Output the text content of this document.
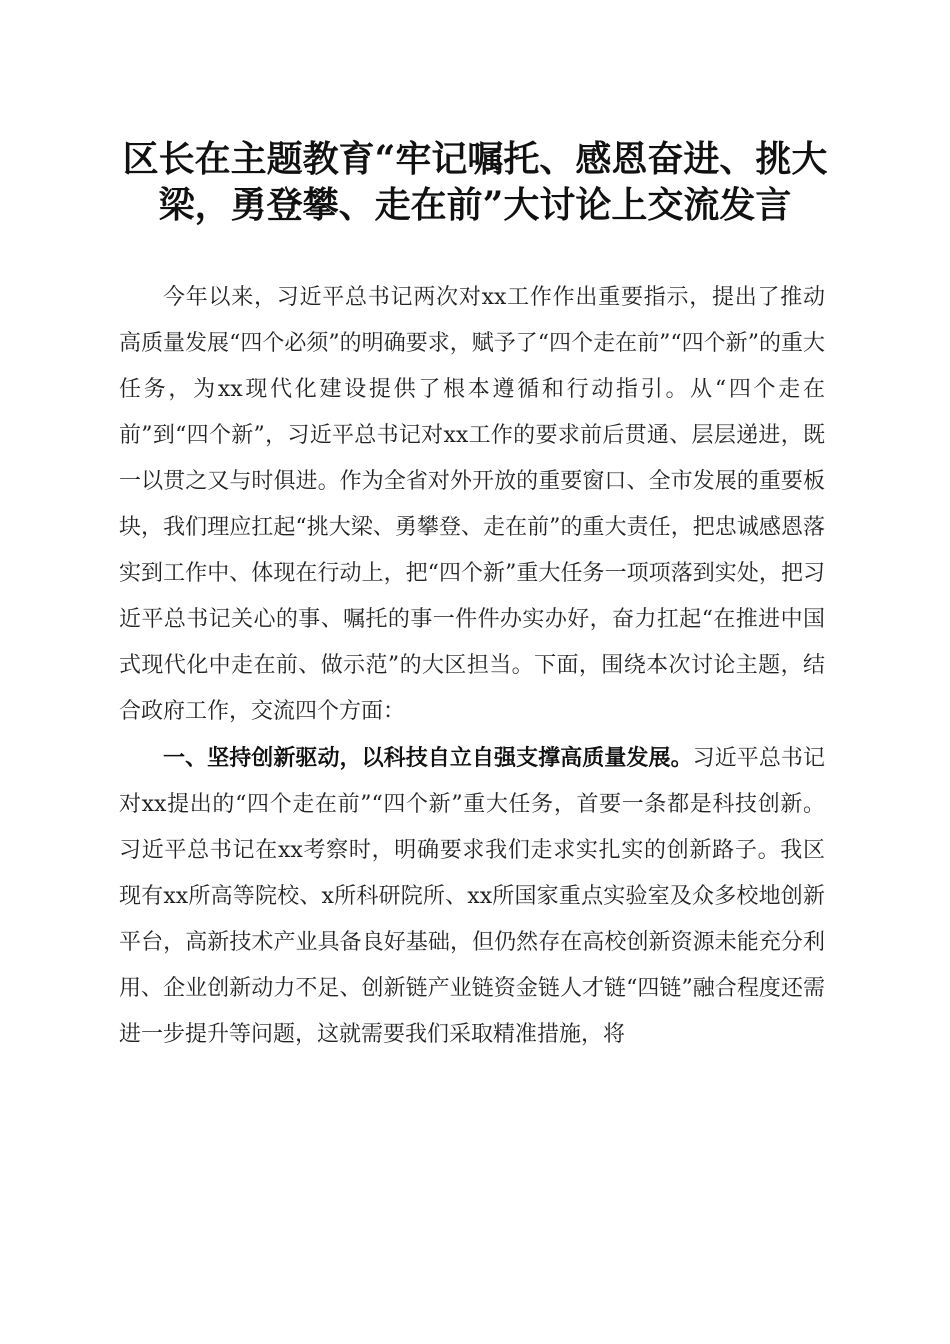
区长在主题教育“牢记嘱托、感恩奋进、挑大梁，勇登攀、走在前”大讨论上交流发言

今年以来，习近平总书记两次对xx工作作出重要指示，提出了推动高质量发展“四个必须”的明确要求，赋予了“四个走在前”“四个新”的重大任务，为xx现代化建设提供了根本遵循和行动指引。从“四个走在前”到“四个新”，习近平总书记对xx工作的要求前后贯通、层层递进，既一以贯之又与时俱进。作为全省对外开放的重要窗口、全市发展的重要板块，我们理应扛起“挑大梁、勇攀登、走在前”的重大责任，把忠诚感恩落实到工作中、体现在行动上，把“四个新”重大任务一项项落到实处，把习近平总书记关心的事、嘱托的事一件件办实办好，奋力扛起“在推进中国式现代化中走在前、做示范”的大区担当。下面，围绕本次讨论主题，结合政府工作，交流四个方面：

一、坚持创新驱动，以科技自立自强支撑高质量发展。习近平总书记对xx提出的“四个走在前”“四个新”重大任务，首要一条都是科技创新。习近平总书记在xx考察时，明确要求我们走求实扎实的创新路子。我区现有xx所高等院校、x所科研院所、xx所国家重点实验室及众多校地创新平台，高新技术产业具备良好基础，但仍然存在高校创新资源未能充分利用、企业创新动力不足、创新链产业链资金链人才链“四链”融合程度还需进一步提升等问题，这就需要我们采取精准措施，将
